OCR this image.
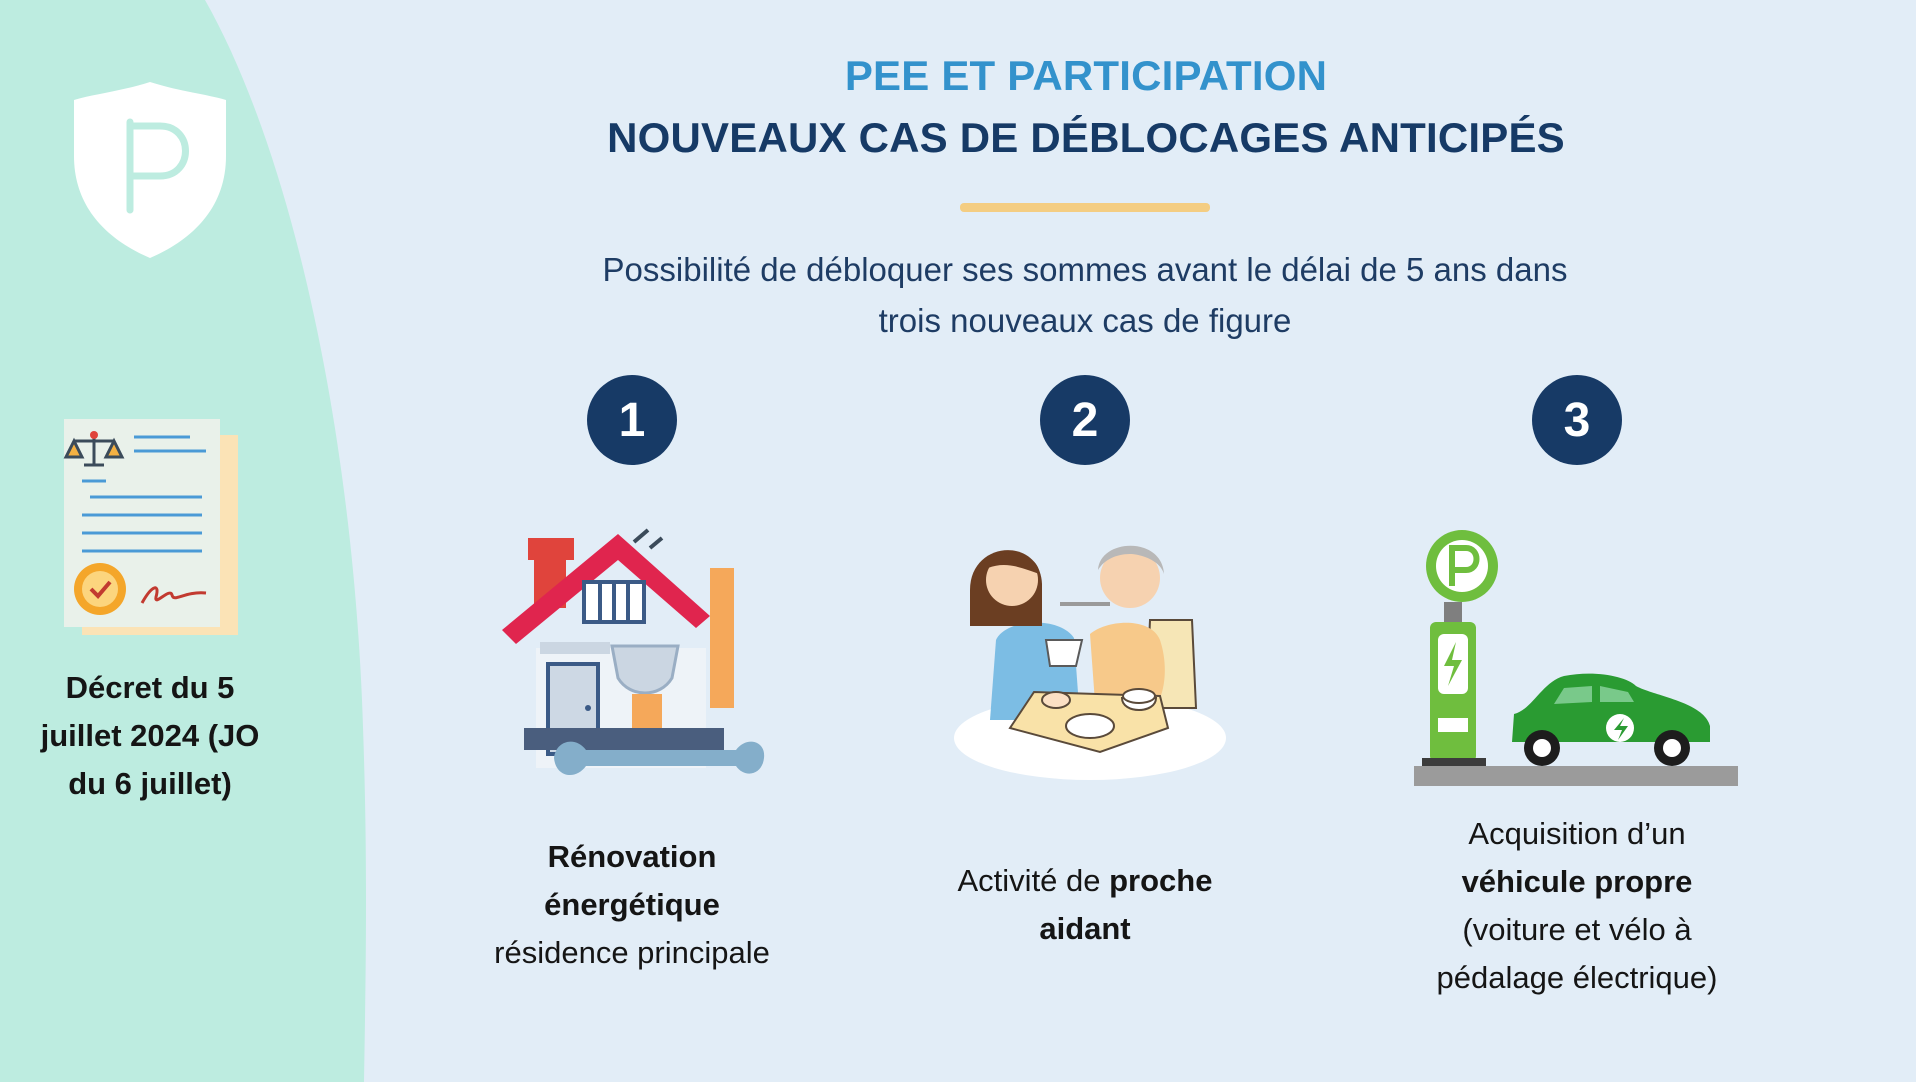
P
Décret du 5
juillet 2024 (JO
du 6 juillet)
PEE ET PARTICIPATION
NOUVEAUX CAS DE DÉBLOCAGES ANTICIPÉS
Possibilité de débloquer ses sommes avant le délai de 5 ans dans
trois nouveaux cas de figure
1
Rénovation
énergétique
résidence principale
2
Activité de proche
aidant
3
Acquisition d’un
véhicule propre
(voiture et vélo à
pédalage électrique)
